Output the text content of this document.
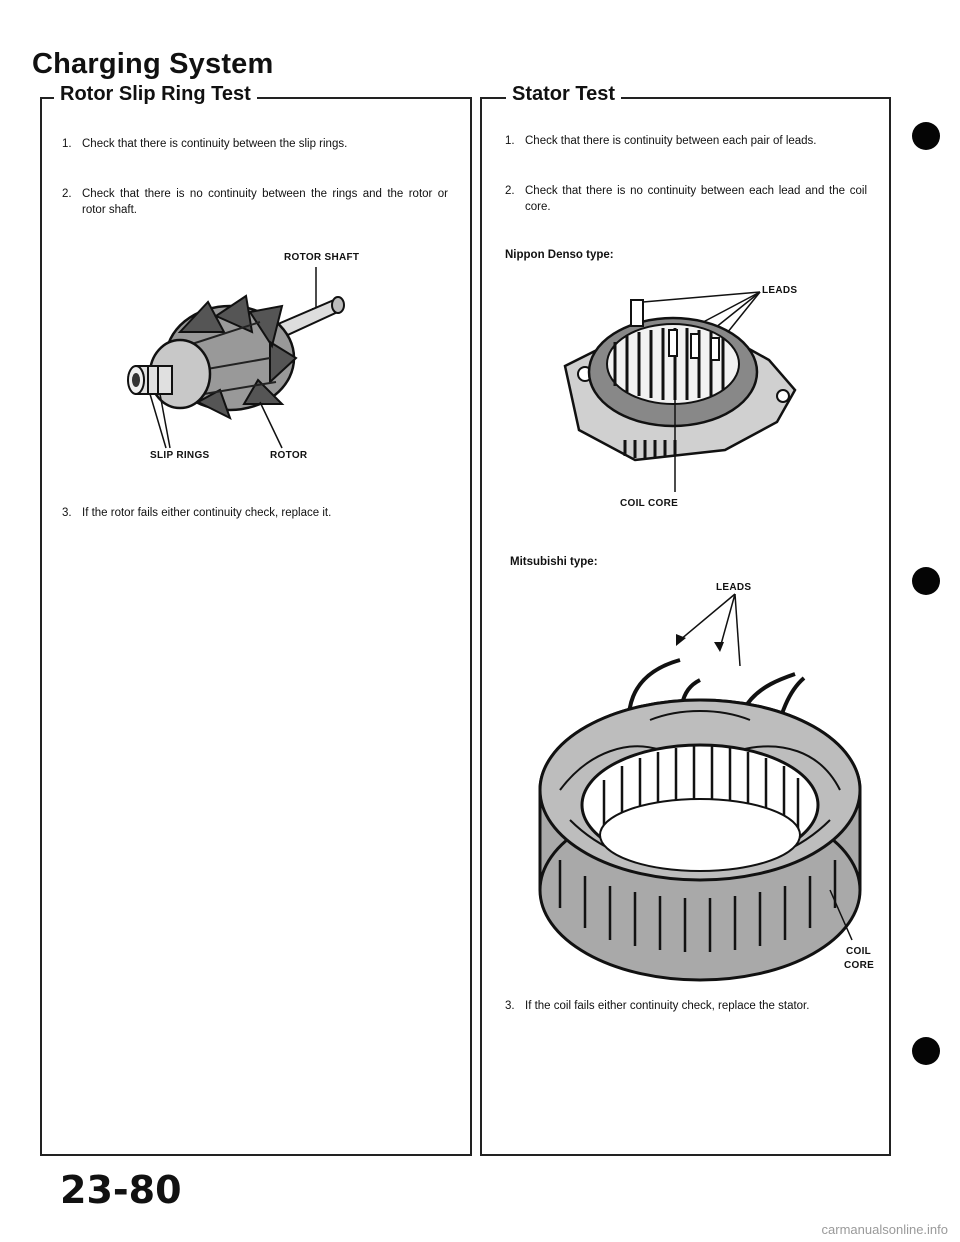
Charging System
Rotor Slip Ring Test	Stator Test
1. Check that there is continuity between the slip rings.
2. Check that there is no continuity between the rings and the rotor or rotor shaft.
ROTOR SHAFT
SLIP RINGS	ROTOR
3. If the rotor fails either continuity check, replace it.
1. Check that there is continuity between each pair of leads.
2. Check that there is no continuity between each lead and the coil core.
Nippon Denso type:
LEADS
COIL CORE
Mitsubishi type:
LEADS
COIL
CORE
3. If the coil fails either continuity check, replace the stator.
23-80
carmanualsonline.info
